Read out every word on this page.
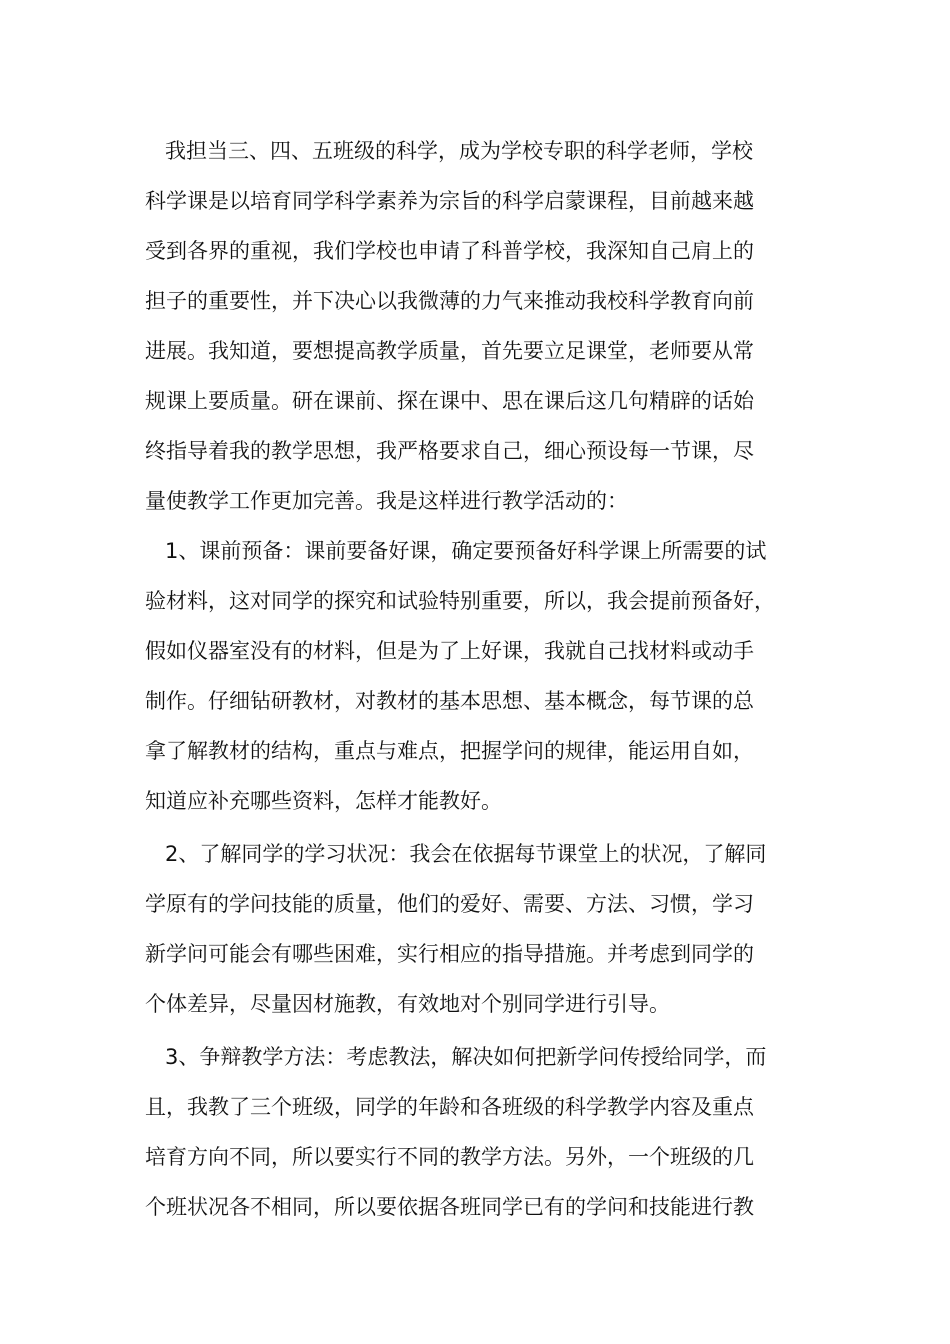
我担当三、四、五班级的科学，成为学校专职的科学老师，学校
科学课是以培育同学科学素养为宗旨的科学启蒙课程，目前越来越
受到各界的重视，我们学校也申请了科普学校，我深知自己肩上的
担子的重要性，并下决心以我微薄的力气来推动我校科学教育向前
进展。我知道，要想提高教学质量，首先要立足课堂，老师要从常
规课上要质量。研在课前、探在课中、思在课后这几句精辟的话始
终指导着我的教学思想，我严格要求自己，细心预设每一节课，尽
量使教学工作更加完善。我是这样进行教学活动的：
1、课前预备：课前要备好课，确定要预备好科学课上所需要的试
验材料，这对同学的探究和试验特别重要，所以，我会提前预备好，
假如仪器室没有的材料，但是为了上好课，我就自己找材料或动手
制作。仔细钻研教材，对教材的基本思想、基本概念，每节课的总
拿了解教材的结构，重点与难点，把握学问的规律，能运用自如，
知道应补充哪些资料，怎样才能教好。
2、了解同学的学习状况：我会在依据每节课堂上的状况，了解同
学原有的学问技能的质量，他们的爱好、需要、方法、习惯，学习
新学问可能会有哪些困难，实行相应的指导措施。并考虑到同学的
个体差异，尽量因材施教，有效地对个别同学进行引导。
3、争辩教学方法：考虑教法，解决如何把新学问传授给同学，而
且，我教了三个班级，同学的年龄和各班级的科学教学内容及重点
培育方向不同，所以要实行不同的教学方法。另外，一个班级的几
个班状况各不相同，所以要依据各班同学已有的学问和技能进行教
